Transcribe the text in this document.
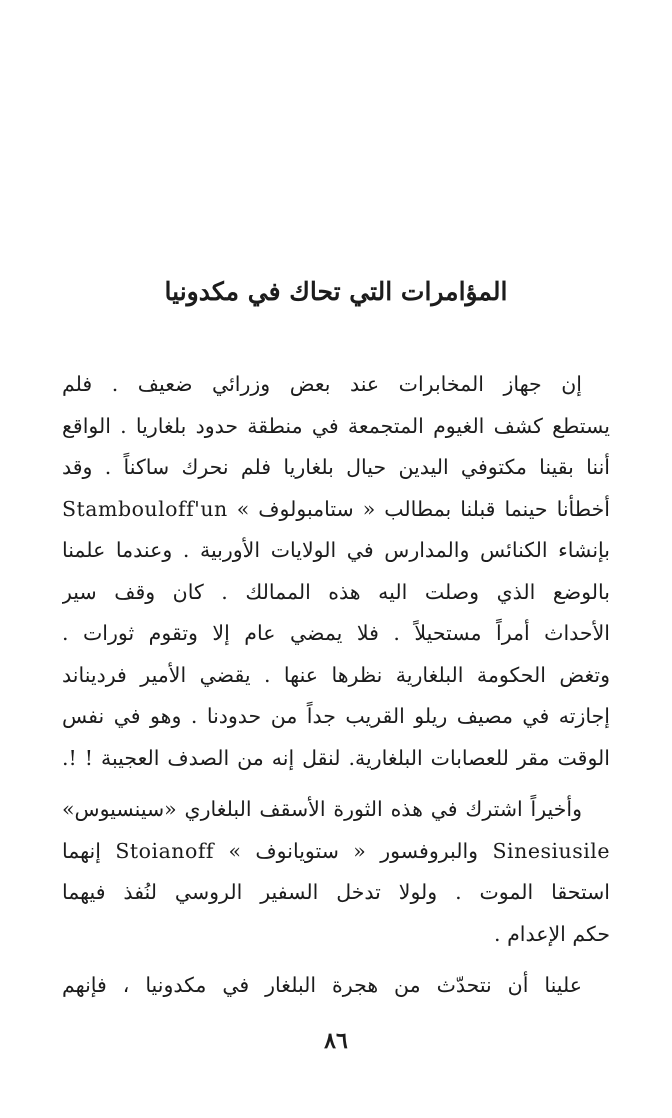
المؤامرات التي تحاك في مكدونيا
إن جهاز المخابرات عند بعض وزرائي ضعيف . فلم
يستطع كشف الغيوم المتجمعة في منطقة حدود بلغاريا . الواقع
أننا بقينا مكتوفي اليدين حيال بلغاريا فلم نحرك ساكناً . وقد
أخطأنا حينما قبلنا بمطالب « ستامبولوف » Stambouloff'un
بإنشاء الكنائس والمدارس في الولايات الأوربية . وعندما علمنا
بالوضع الذي وصلت اليه هذه الممالك . كان وقف سير
الأحداث أمراً مستحيلاً . فلا يمضي عام إلا وتقوم ثورات .
وتغض الحكومة البلغارية نظرها عنها . يقضي الأمير فرديناند
إجازته في مصيف ريلو القريب جداً من حدودنا . وهو في نفس
الوقت مقر للعصابات البلغارية. لنقل إنه من الصدف العجيبة ! !.
وأخيراً اشترك في هذه الثورة الأسقف البلغاري «سينسيوس»
Sinesiusile والبروفسور « ستويانوف » Stoianoff إنهما
استحقا الموت . ولولا تدخل السفير الروسي لنُفذ فيهما
حكم الإعدام .
علينا أن نتحدّث من هجرة البلغار في مكدونيا ، فإنهم
٨٦
